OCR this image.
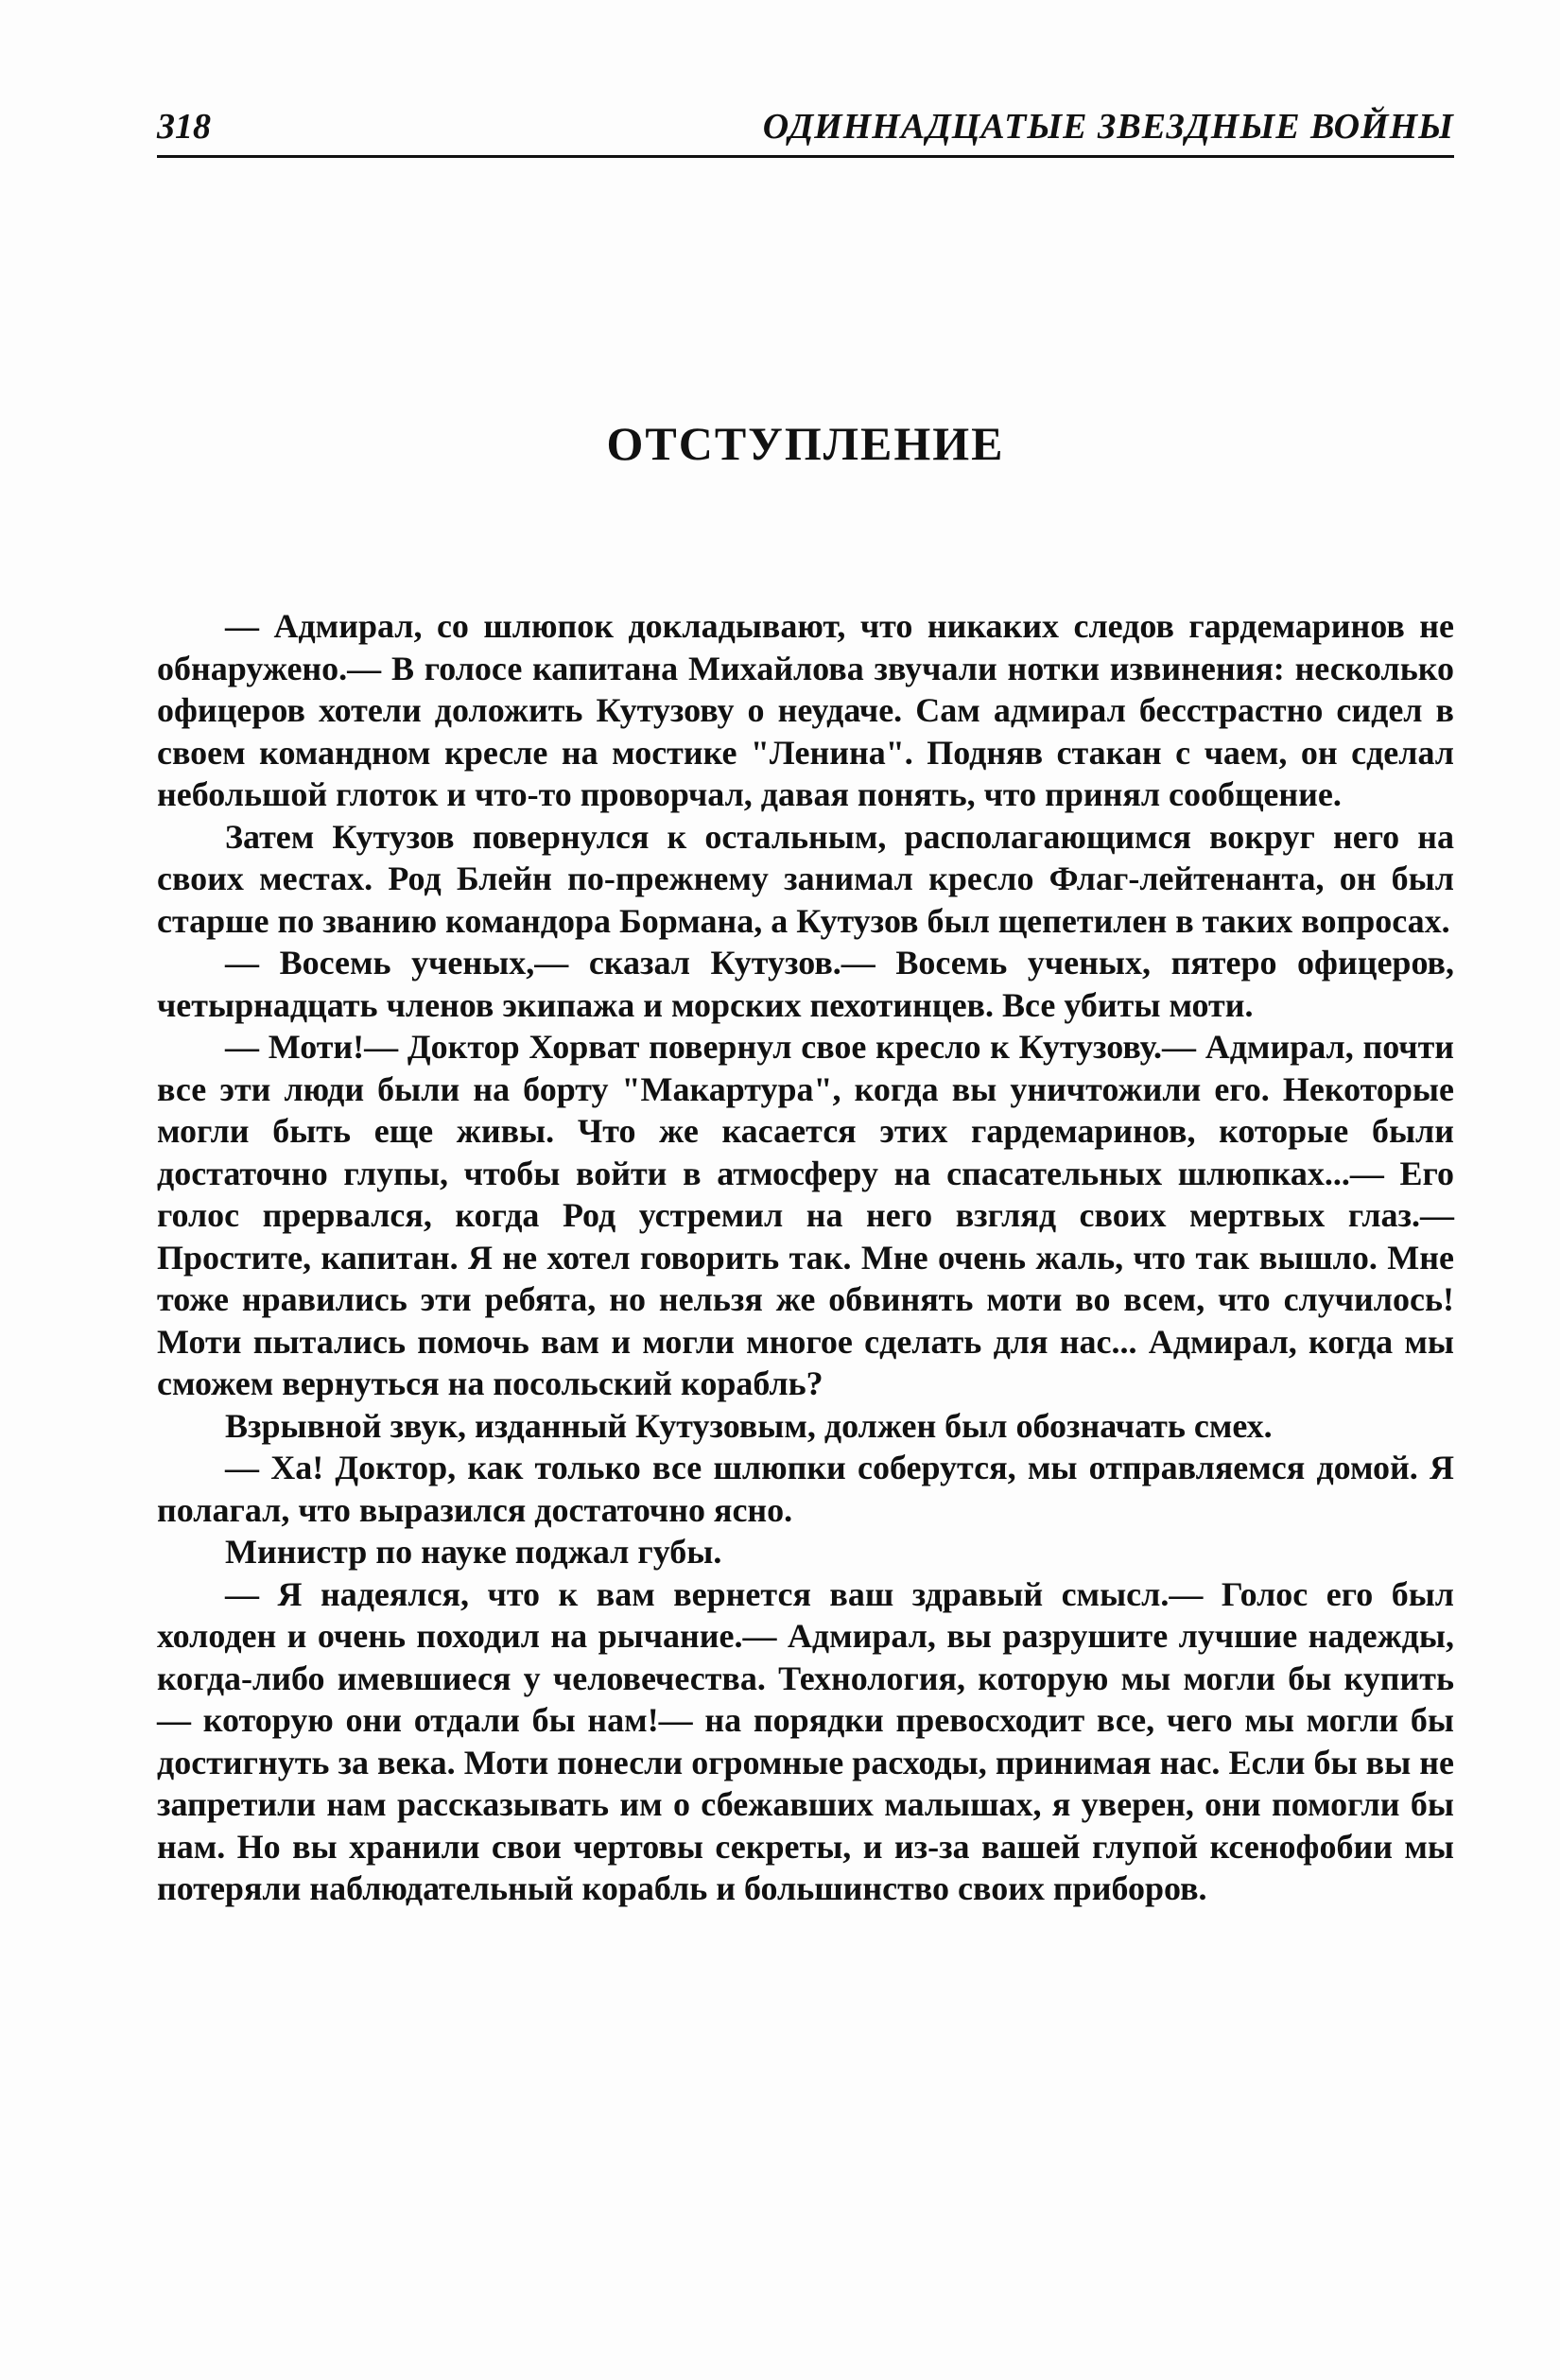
318	ОДИННАДЦАТЫЕ ЗВЕЗДНЫЕ ВОЙНЫ
ОТСТУПЛЕНИЕ

— Адмирал, со шлюпок докладывают, что никаких следов гардемаринов не обнаружено.— В голосе капитана Михайлова звучали нотки извинения: несколько офицеров хотели доложить Кутузову о неудаче. Сам адмирал бесстрастно сидел в своем командном кресле на мостике "Ленина". Подняв стакан с чаем, он сделал небольшой глоток и что-то проворчал, давая понять, что принял сообщение.

Затем Кутузов повернулся к остальным, располагающимся вокруг него на своих местах. Род Блейн по-прежнему занимал кресло Флаг-лейтенанта, он был старше по званию командора Бормана, а Кутузов был щепетилен в таких вопросах.

— Восемь ученых,— сказал Кутузов.— Восемь ученых, пятеро офицеров, четырнадцать членов экипажа и морских пехотинцев. Все убиты моти.

— Моти!— Доктор Хорват повернул свое кресло к Кутузову.— Адмирал, почти все эти люди были на борту "Макартура", когда вы уничтожили его. Некоторые могли быть еще живы. Что же касается этих гардемаринов, которые были достаточно глупы, чтобы войти в атмосферу на спасательных шлюпках...— Его голос прервался, когда Род устремил на него взгляд своих мертвых глаз.— Простите, капитан. Я не хотел говорить так. Мне очень жаль, что так вышло. Мне тоже нравились эти ребята, но нельзя же обвинять моти во всем, что случилось! Моти пытались помочь вам и могли многое сделать для нас... Адмирал, когда мы сможем вернуться на посольский корабль?

Взрывной звук, изданный Кутузовым, должен был обозначать смех.

— Ха! Доктор, как только все шлюпки соберутся, мы отправляемся домой. Я полагал, что выразился достаточно ясно.

Министр по науке поджал губы.

— Я надеялся, что к вам вернется ваш здравый смысл.— Голос его был холоден и очень походил на рычание.— Адмирал, вы разрушите лучшие надежды, когда-либо имевшиеся у человечества. Технология, которую мы могли бы купить — которую они отдали бы нам!— на порядки превосходит все, чего мы могли бы достигнуть за века. Моти понесли огромные расходы, принимая нас. Если бы вы не запретили нам рассказывать им о сбежавших малышах, я уверен, они помогли бы нам. Но вы хранили свои чертовы секреты, и из-за вашей глупой ксенофобии мы потеряли наблюдательный корабль и большинство своих приборов.
